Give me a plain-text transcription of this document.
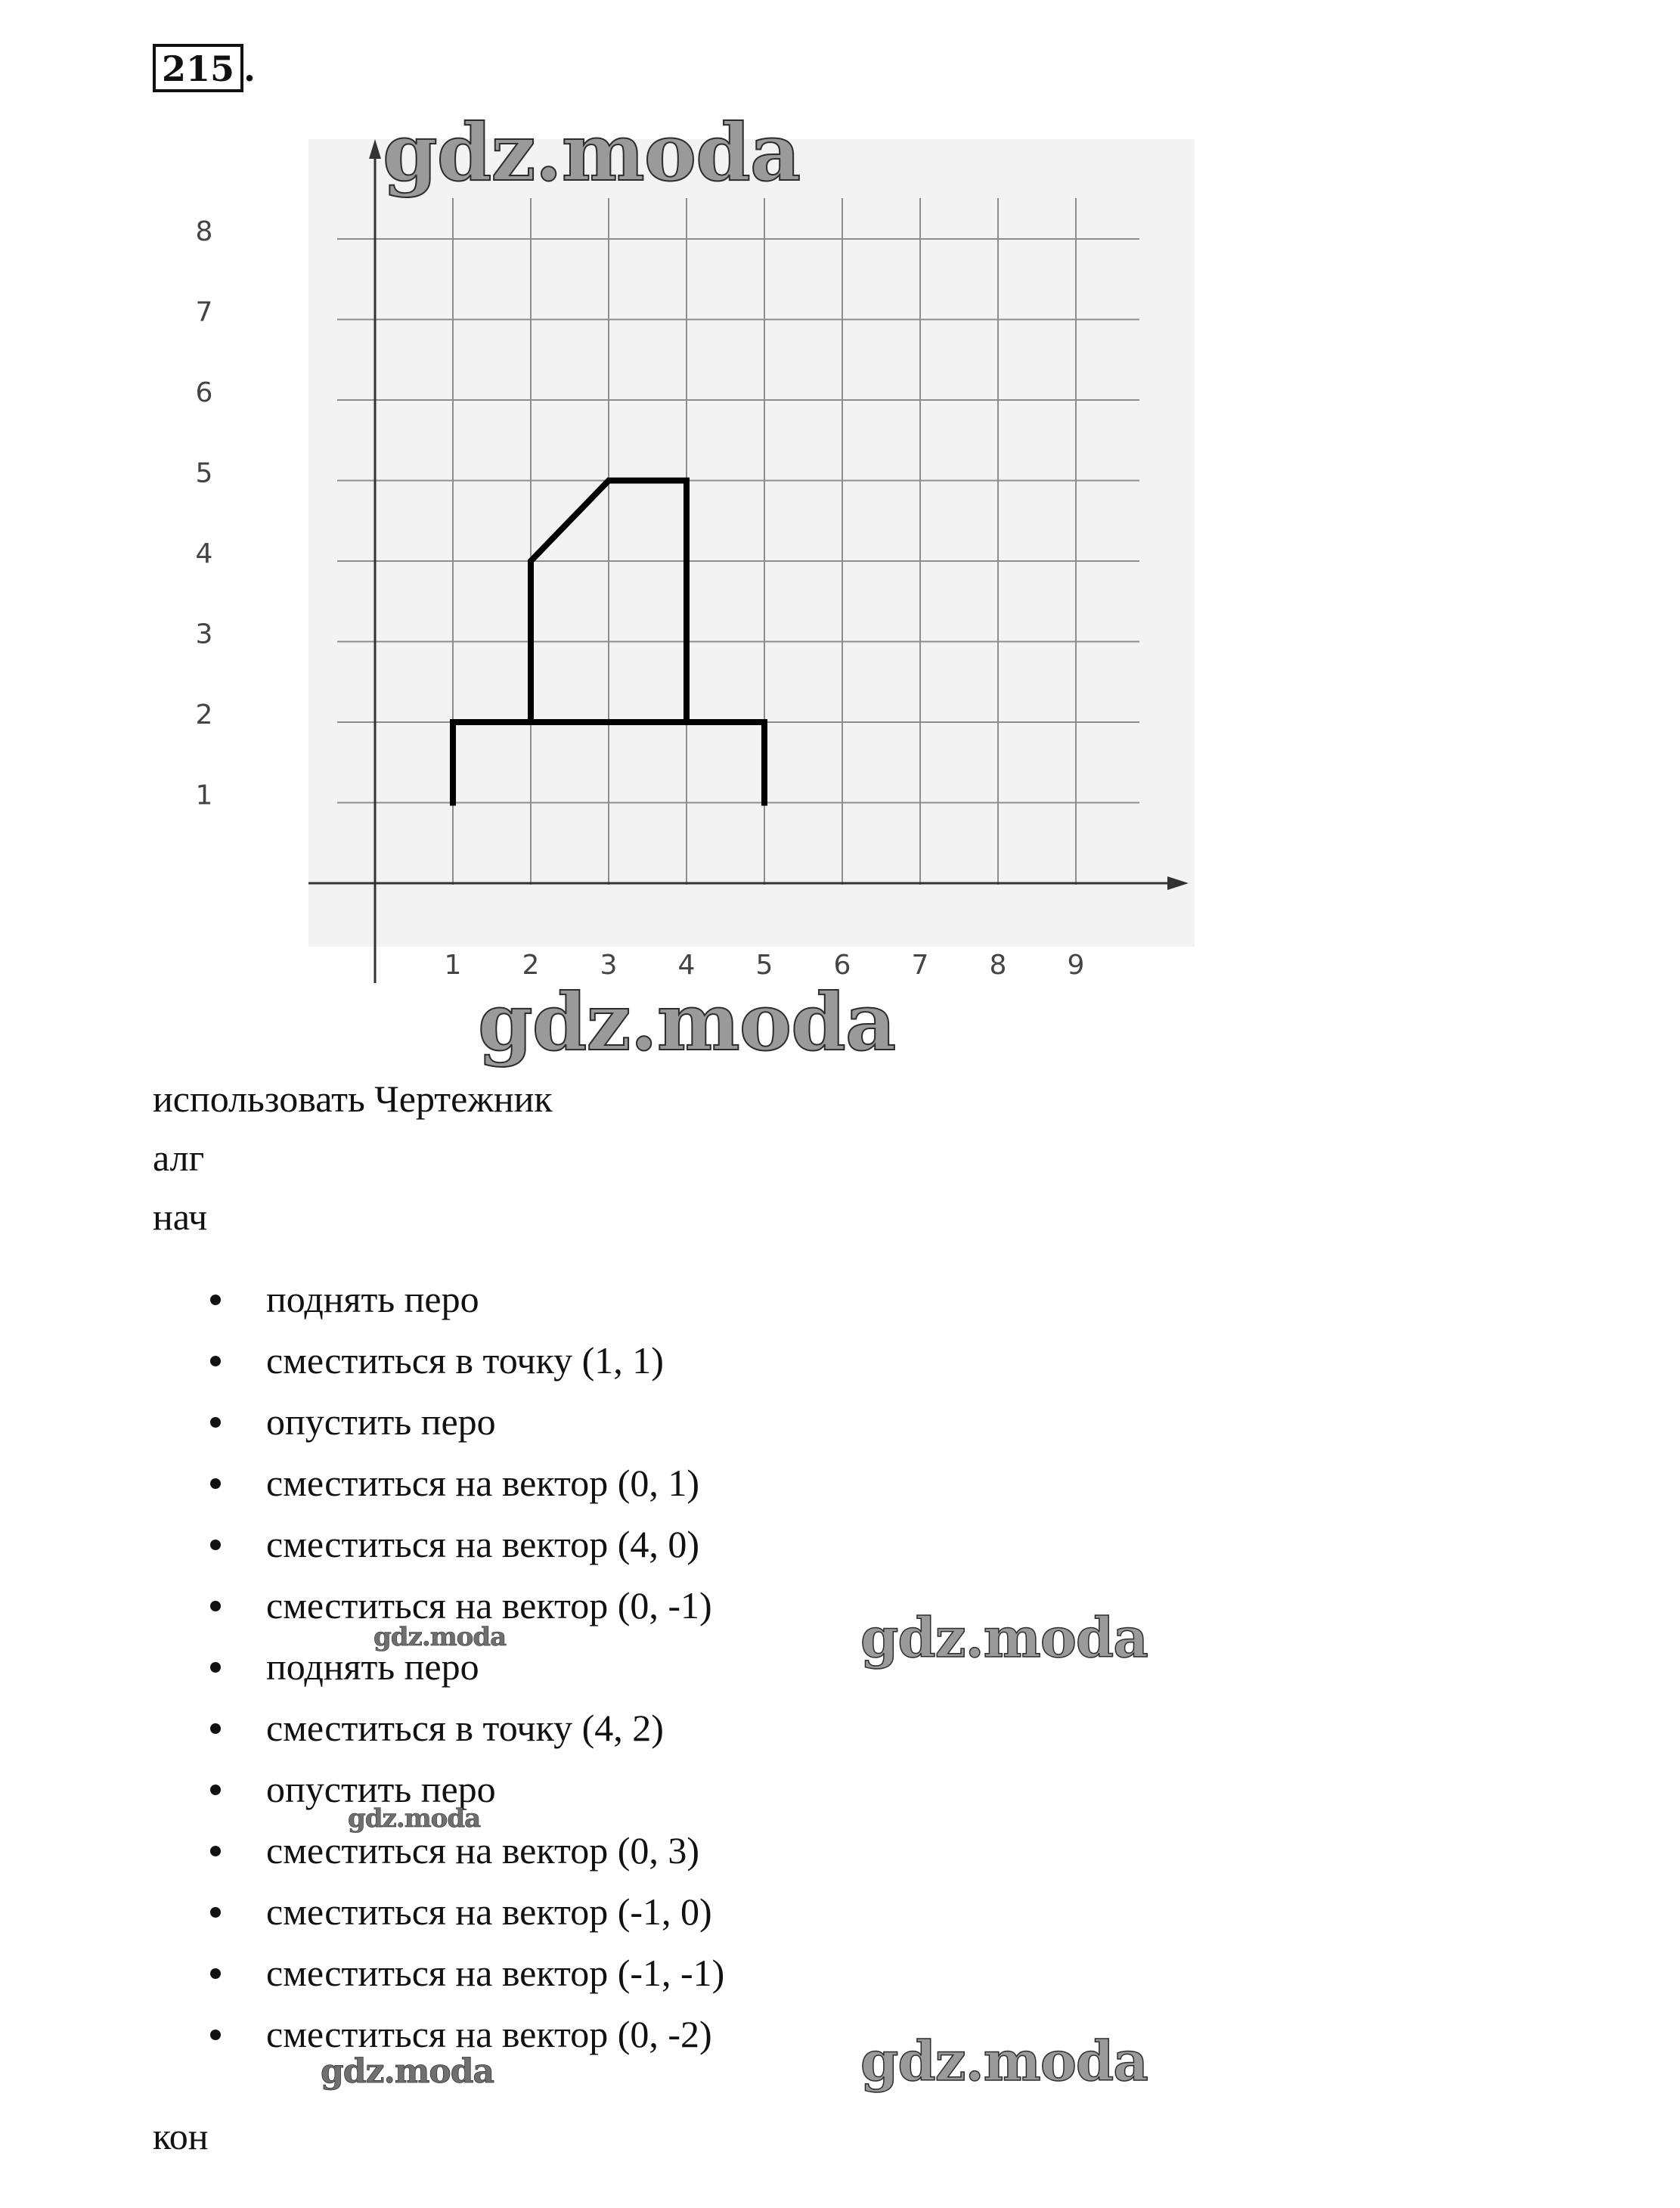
215 .
1 2 3 4 5 6 7 8 9
1
2
3
4
5
6
7
8
использовать Чертежник
алг
нач
поднять перо
сместиться в точку (1, 1)
опустить перо
сместиться на вектор (0, 1)
сместиться на вектор (4, 0)
сместиться на вектор (0, -1)
поднять перо
сместиться в точку (4, 2)
опустить перо
сместиться на вектор (0, 3)
сместиться на вектор (-1, 0)
сместиться на вектор (-1, -1)
сместиться на вектор (0, -2)
кон
gdz.moda
gdz.moda
gdz.moda
gdz.moda
gdz.moda
gdz.moda
gdz.moda
